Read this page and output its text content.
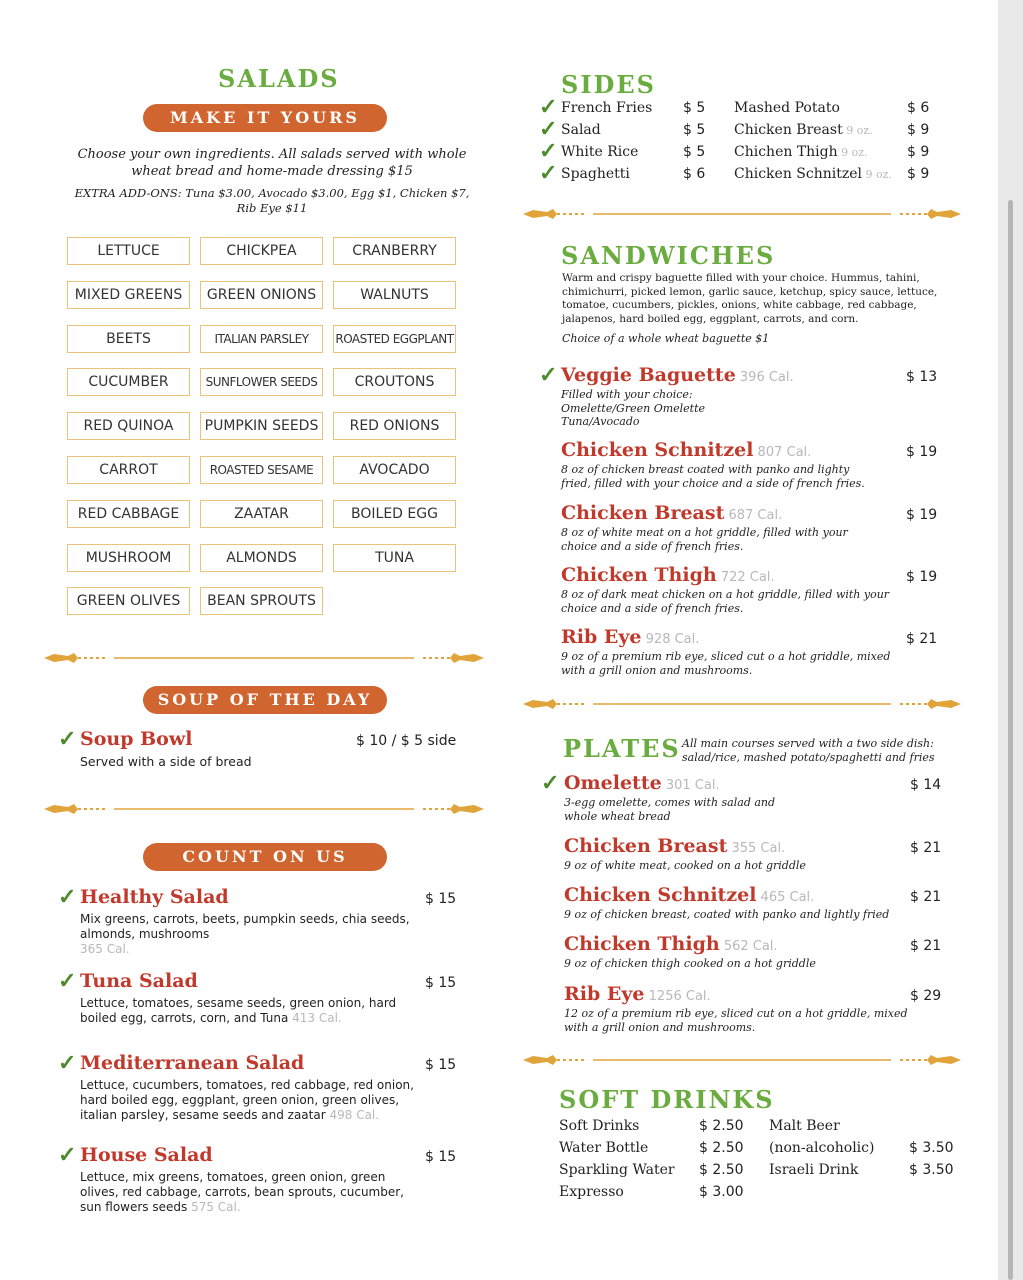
SALADS
MAKE IT YOURS
Choose your own ingredients. All salads served with whole wheat bread and home-made dressing $15
EXTRA ADD-ONS: Tuna $3.00, Avocado $3.00, Egg $1, Chicken $7, Rib Eye $11
SOUP OF THE DAY
✓ Soup Bowl	$ 10 / $ 5 side
Served with a side of bread
COUNT ON US
SIDES
SANDWICHES
Choice of a whole wheat baguette $1
PLATES
SOFT DRINKS
LETTUCE	CHICKPEA	CRANBERRY
MIXED GREENS	GREEN ONIONS	WALNUTS
BEETS	ITALIAN PARSLEY	ROASTED EGGPLANT
CUCUMBER	SUNFLOWER SEEDS	CROUTONS
RED QUINOA	PUMPKIN SEEDS	RED ONIONS
CARROT	ROASTED SESAME	AVOCADO
RED CABBAGE	ZAATAR	BOILED EGG
MUSHROOM	ALMONDS	TUNA
GREEN OLIVES	BEAN SPROUTS
✓ Healthy Salad	$ 15
Mix greens, carrots, beets, pumpkin seeds, chia seeds,
almonds, mushrooms
365 Cal.
✓ Tuna Salad	$ 15
Lettuce, tomatoes, sesame seeds, green onion, hard
boiled egg, carrots, corn, and Tuna 413 Cal.
✓ Mediterranean Salad	$ 15
Lettuce, cucumbers, tomatoes, red cabbage, red onion,
hard boiled egg, eggplant, green onion, green olives,
italian parsley, sesame seeds and zaatar 498 Cal.
✓ House Salad	$ 15
Lettuce, mix greens, tomatoes, green onion, green
olives, red cabbage, carrots, bean sprouts, cucumber,
sun flowers seeds 575 Cal.
✓ French Fries $ 5
✓ Salad	$ 5
✓ White Rice	$ 5
✓ Spaghetti	$ 6
Mashed Potato	$ 6
Chicken Breast 9 oz. $ 9
Chichen Thigh 9 oz.	$ 9
Chicken Schnitzel 9 oz. $ 9
Warm and crispy baguette filled with your choice. Hummus, tahini,
chimichurri, picked lemon, garlic sauce, ketchup, spicy sauce, lettuce,
tomatoe, cucumbers, pickles, onions, white cabbage, red cabbage,
jalapenos, hard boiled egg, eggplant, carrots, and corn.
✓ Veggie Baguette 396 Cal.	$ 13
Filled with your choice:
Omelette/Green Omelette
Tuna/Avocado
Chicken Schnitzel 807 Cal.	$ 19
8 oz of chicken breast coated with panko and lighty
fried, filled with your choice and a side of french fries.
Chicken Breast 687 Cal.	$ 19
8 oz of white meat on a hot griddle, filled with your
choice and a side of french fries.
Chicken Thigh 722 Cal.	$ 19
8 oz of dark meat chicken on a hot griddle, filled with your
choice and a side of french fries.
Rib Eye 928 Cal.	$ 21
9 oz of a premium rib eye, sliced cut o a hot griddle, mixed
with a grill onion and mushrooms.
All main courses served with a two side dish:
salad/rice, mashed potato/spaghetti and fries
✓ Omelette 301 Cal.	$ 14
3-egg omelette, comes with salad and
whole wheat bread
Chicken Breast 355 Cal.	$ 21
9 oz of white meat, cooked on a hot griddle
Chicken Schnitzel 465 Cal.	$ 21
9 oz of chicken breast, coated with panko and lightly fried
Chicken Thigh 562 Cal.	$ 21
9 oz of chicken thigh cooked on a hot griddle
Rib Eye 1256 Cal.	$ 29
12 oz of a premium rib eye, sliced cut on a hot griddle, mixed
with a grill onion and mushrooms.
Soft Drinks	$ 2.50
Water Bottle	$ 2.50
Sparkling Water $ 2.50
Expresso	$ 3.00
Malt Beer
(non-alcoholic) $ 3.50
Israeli Drink	$ 3.50
